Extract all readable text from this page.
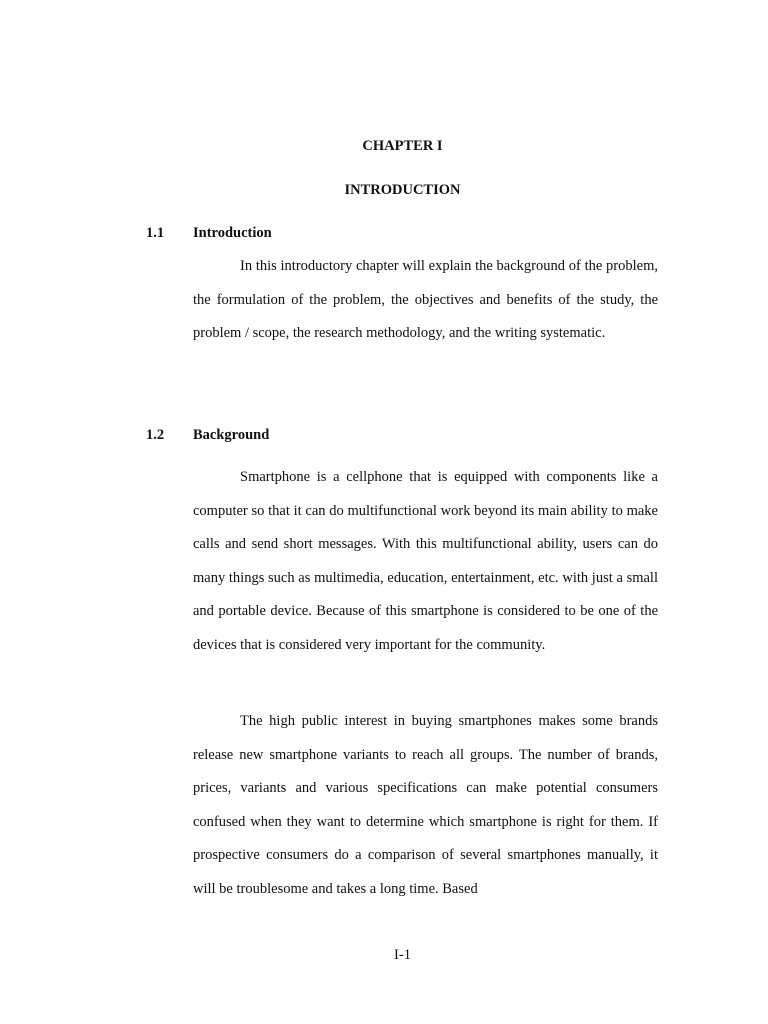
CHAPTER I
INTRODUCTION
1.1 Introduction

In this introductory chapter will explain the background of the problem, the formulation of the problem, the objectives and benefits of the study, the problem / scope, the research methodology, and the writing systematic.

1.2 Background

Smartphone is a cellphone that is equipped with components like a computer so that it can do multifunctional work beyond its main ability to make calls and send short messages. With this multifunctional ability, users can do many things such as multimedia, education, entertainment, etc. with just a small and portable device. Because of this smartphone is considered to be one of the devices that is considered very important for the community.

The high public interest in buying smartphones makes some brands release new smartphone variants to reach all groups. The number of brands, prices, variants and various specifications can make potential consumers confused when they want to determine which smartphone is right for them. If prospective consumers do a comparison of several smartphones manually, it will be troublesome and takes a long time. Based

I-1
